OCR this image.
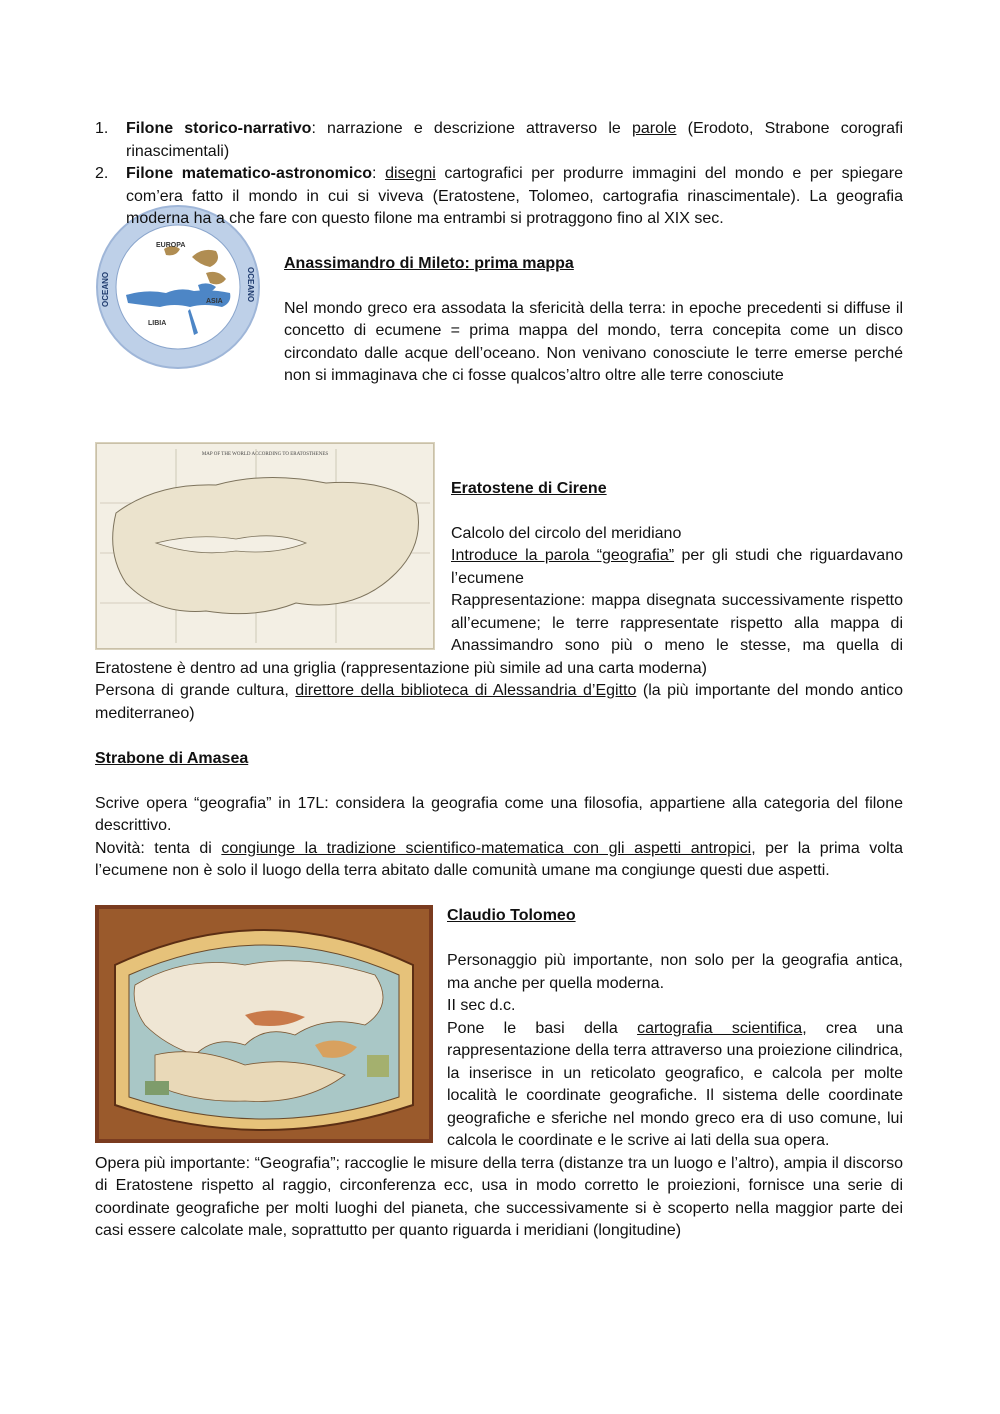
1. Filone storico-narrativo: narrazione e descrizione attraverso le parole (Erodoto, Strabone corografi rinascimentali)
2. Filone matematico-astronomico: disegni cartografici per produrre immagini del mondo e per spiegare com’era fatto il mondo in cui si viveva (Eratostene, Tolomeo, cartografia rinascimentale). La geografia moderna ha a che fare con questo filone ma entrambi si protraggono fino al XIX sec.
EUROPA
ASIA
LIBIA
OCEANO	OCEANO

Anassimandro di Mileto: prima mappa

Nel mondo greco era assodata la sfericità della terra: in epoche precedenti si diffuse il concetto di ecumene = prima mappa del mondo, terra concepita come un disco circondato dalle acque dell’oceano. Non venivano conosciute le terre emerse perché non si immaginava che ci fosse qualcos’altro oltre alle terre conosciute

MAP OF THE WORLD ACCORDING TO ERATOSTHENES

Eratostene di Cirene

Calcolo del circolo del meridiano

Introduce la parola “geografia” per gli studi che riguardavano l’ecumene

Rappresentazione: mappa disegnata successivamente rispetto all’ecumene; le terre rappresentate rispetto alla mappa di Anassimandro sono più o meno le stesse, ma quella di Eratostene è dentro ad una griglia (rappresentazione più simile ad una carta moderna)

Persona di grande cultura, direttore della biblioteca di Alessandria d’Egitto (la più importante del mondo antico mediterraneo)

Strabone di Amasea

Scrive opera “geografia” in 17L: considera la geografia come una filosofia, appartiene alla categoria del filone descrittivo.

Novità: tenta di congiunge la tradizione scientifico-matematica con gli aspetti antropici, per la prima volta l’ecumene non è solo il luogo della terra abitato dalle comunità umane ma congiunge questi due aspetti.

Claudio Tolomeo

Personaggio più importante, non solo per la geografia antica, ma anche per quella moderna.

II sec d.c.

Pone le basi della cartografia scientifica, crea una rappresentazione della terra attraverso una proiezione cilindrica, la inserisce in un reticolato geografico, e calcola per molte località le coordinate geografiche. Il sistema delle coordinate geografiche e sferiche nel mondo greco era di uso comune, lui calcola le coordinate e le scrive ai lati della sua opera.

Opera più importante: “Geografia”; raccoglie le misure della terra (distanze tra un luogo e l’altro), ampia il discorso di Eratostene rispetto al raggio, circonferenza ecc, usa in modo corretto le proiezioni, fornisce una serie di coordinate geografiche per molti luoghi del pianeta, che successivamente si è scoperto nella maggior parte dei casi essere calcolate male, soprattutto per quanto riguarda i meridiani (longitudine)
